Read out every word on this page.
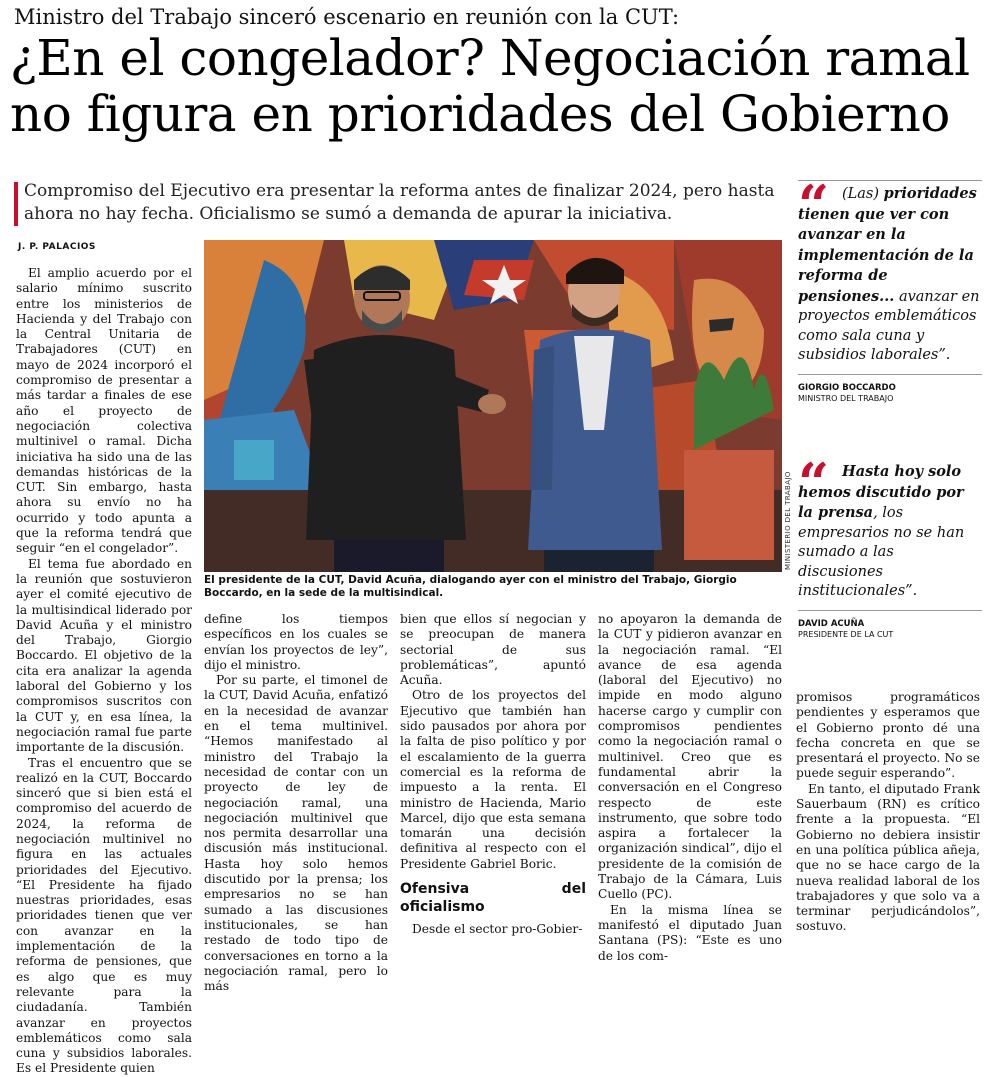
Ministro del Trabajo sinceró escenario en reunión con la CUT:
¿En el congelador? Negociación ramal
no figura en prioridades del Gobierno
Compromiso del Ejecutivo era presentar la reforma antes de finalizar 2024, pero hasta ahora no hay fecha. Oficialismo se sumó a demanda de apurar la iniciativa.
J. P. PALACIOS
MINISTERIO DEL TRABAJO
El presidente de la CUT, David Acuña, dialogando ayer con el ministro del Trabajo, Giorgio Boccardo, en la sede de la multisindical.

El amplio acuerdo por el salario mínimo suscrito entre los ministerios de Hacienda y del Trabajo con la Central Unitaria de Trabajadores (CUT) en mayo de 2024 incorporó el compromiso de presentar a más tardar a finales de ese año el proyecto de negociación colectiva multinivel o ramal. Dicha iniciativa ha sido una de las demandas históricas de la CUT. Sin embargo, hasta ahora su envío no ha ocurrido y todo apunta a que la reforma tendrá que seguir “en el congelador”.

El tema fue abordado en la reunión que sostuvieron ayer el comité ejecutivo de la multisindical liderado por David Acuña y el ministro del Trabajo, Giorgio Boccardo. El objetivo de la cita era analizar la agenda laboral del Gobierno y los compromisos suscritos con la CUT y, en esa línea, la negociación ramal fue parte importante de la discusión.

Tras el encuentro que se realizó en la CUT, Boccardo sinceró que si bien está el compromiso del acuerdo de 2024, la reforma de negociación multinivel no figura en las actuales prioridades del Ejecutivo. “El Presidente ha fijado nuestras prioridades, esas prioridades tienen que ver con avanzar en la implementación de la reforma de pensiones, que es algo que es muy relevante para la ciudadanía. También avanzar en proyectos emblemáticos como sala cuna y subsidios laborales. Es el Presidente quien

define los tiempos específicos en los cuales se envían los proyectos de ley”, dijo el ministro.

Por su parte, el timonel de la CUT, David Acuña, enfatizó en la necesidad de avanzar en el tema multinivel. “Hemos manifestado al ministro del Trabajo la necesidad de contar con un proyecto de ley de negociación ramal, una negociación multinivel que nos permita desarrollar una discusión más institucional. Hasta hoy solo hemos discutido por la prensa; los empresarios no se han sumado a las discusiones institucionales, se han restado de todo tipo de conversaciones en torno a la negociación ramal, pero lo más

bien que ellos sí negocian y se preocupan de manera sectorial de sus problemáticas”, apuntó Acuña.

Otro de los proyectos del Ejecutivo que también han sido pausados por ahora por la falta de piso político y por el escalamiento de la guerra comercial es la reforma de impuesto a la renta. El ministro de Hacienda, Mario Marcel, dijo que esta semana tomarán una decisión definitiva al respecto con el Presidente Gabriel Boric.

Ofensiva del oficialismo

Desde el sector pro-Gobier-

no apoyaron la demanda de la CUT y pidieron avanzar en la negociación ramal. “El avance de esa agenda (laboral del Ejecutivo) no impide en modo alguno hacerse cargo y cumplir con compromisos pendientes como la negociación ramal o multinivel. Creo que es fundamental abrir la conversación en el Congreso respecto de este instrumento, que sobre todo aspira a fortalecer la organización sindical”, dijo el presidente de la comisión de Trabajo de la Cámara, Luis Cuello (PC).

En la misma línea se manifestó el diputado Juan Santana (PS): “Este es uno de los com-

promisos programáticos pendientes y esperamos que el Gobierno pronto dé una fecha concreta en que se presentará el proyecto. No se puede seguir esperando”.

En tanto, el diputado Frank Sauerbaum (RN) es crítico frente a la propuesta. “El Gobierno no debiera insistir en una política pública añeja, que no se hace cargo de la nueva realidad laboral de los trabajadores y que solo va a terminar perjudicándolos”, sostuvo.

“ (Las) prioridades tienen que ver con avanzar en la implementación de la reforma de pensiones... avanzar en proyectos emblemáticos como sala cuna y subsidios laborales”.
GIORGIO BOCCARDO
MINISTRO DEL TRABAJO
“ Hasta hoy solo hemos discutido por la prensa, los empresarios no se han sumado a las discusiones institucionales”.
DAVID ACUÑA
PRESIDENTE DE LA CUT
